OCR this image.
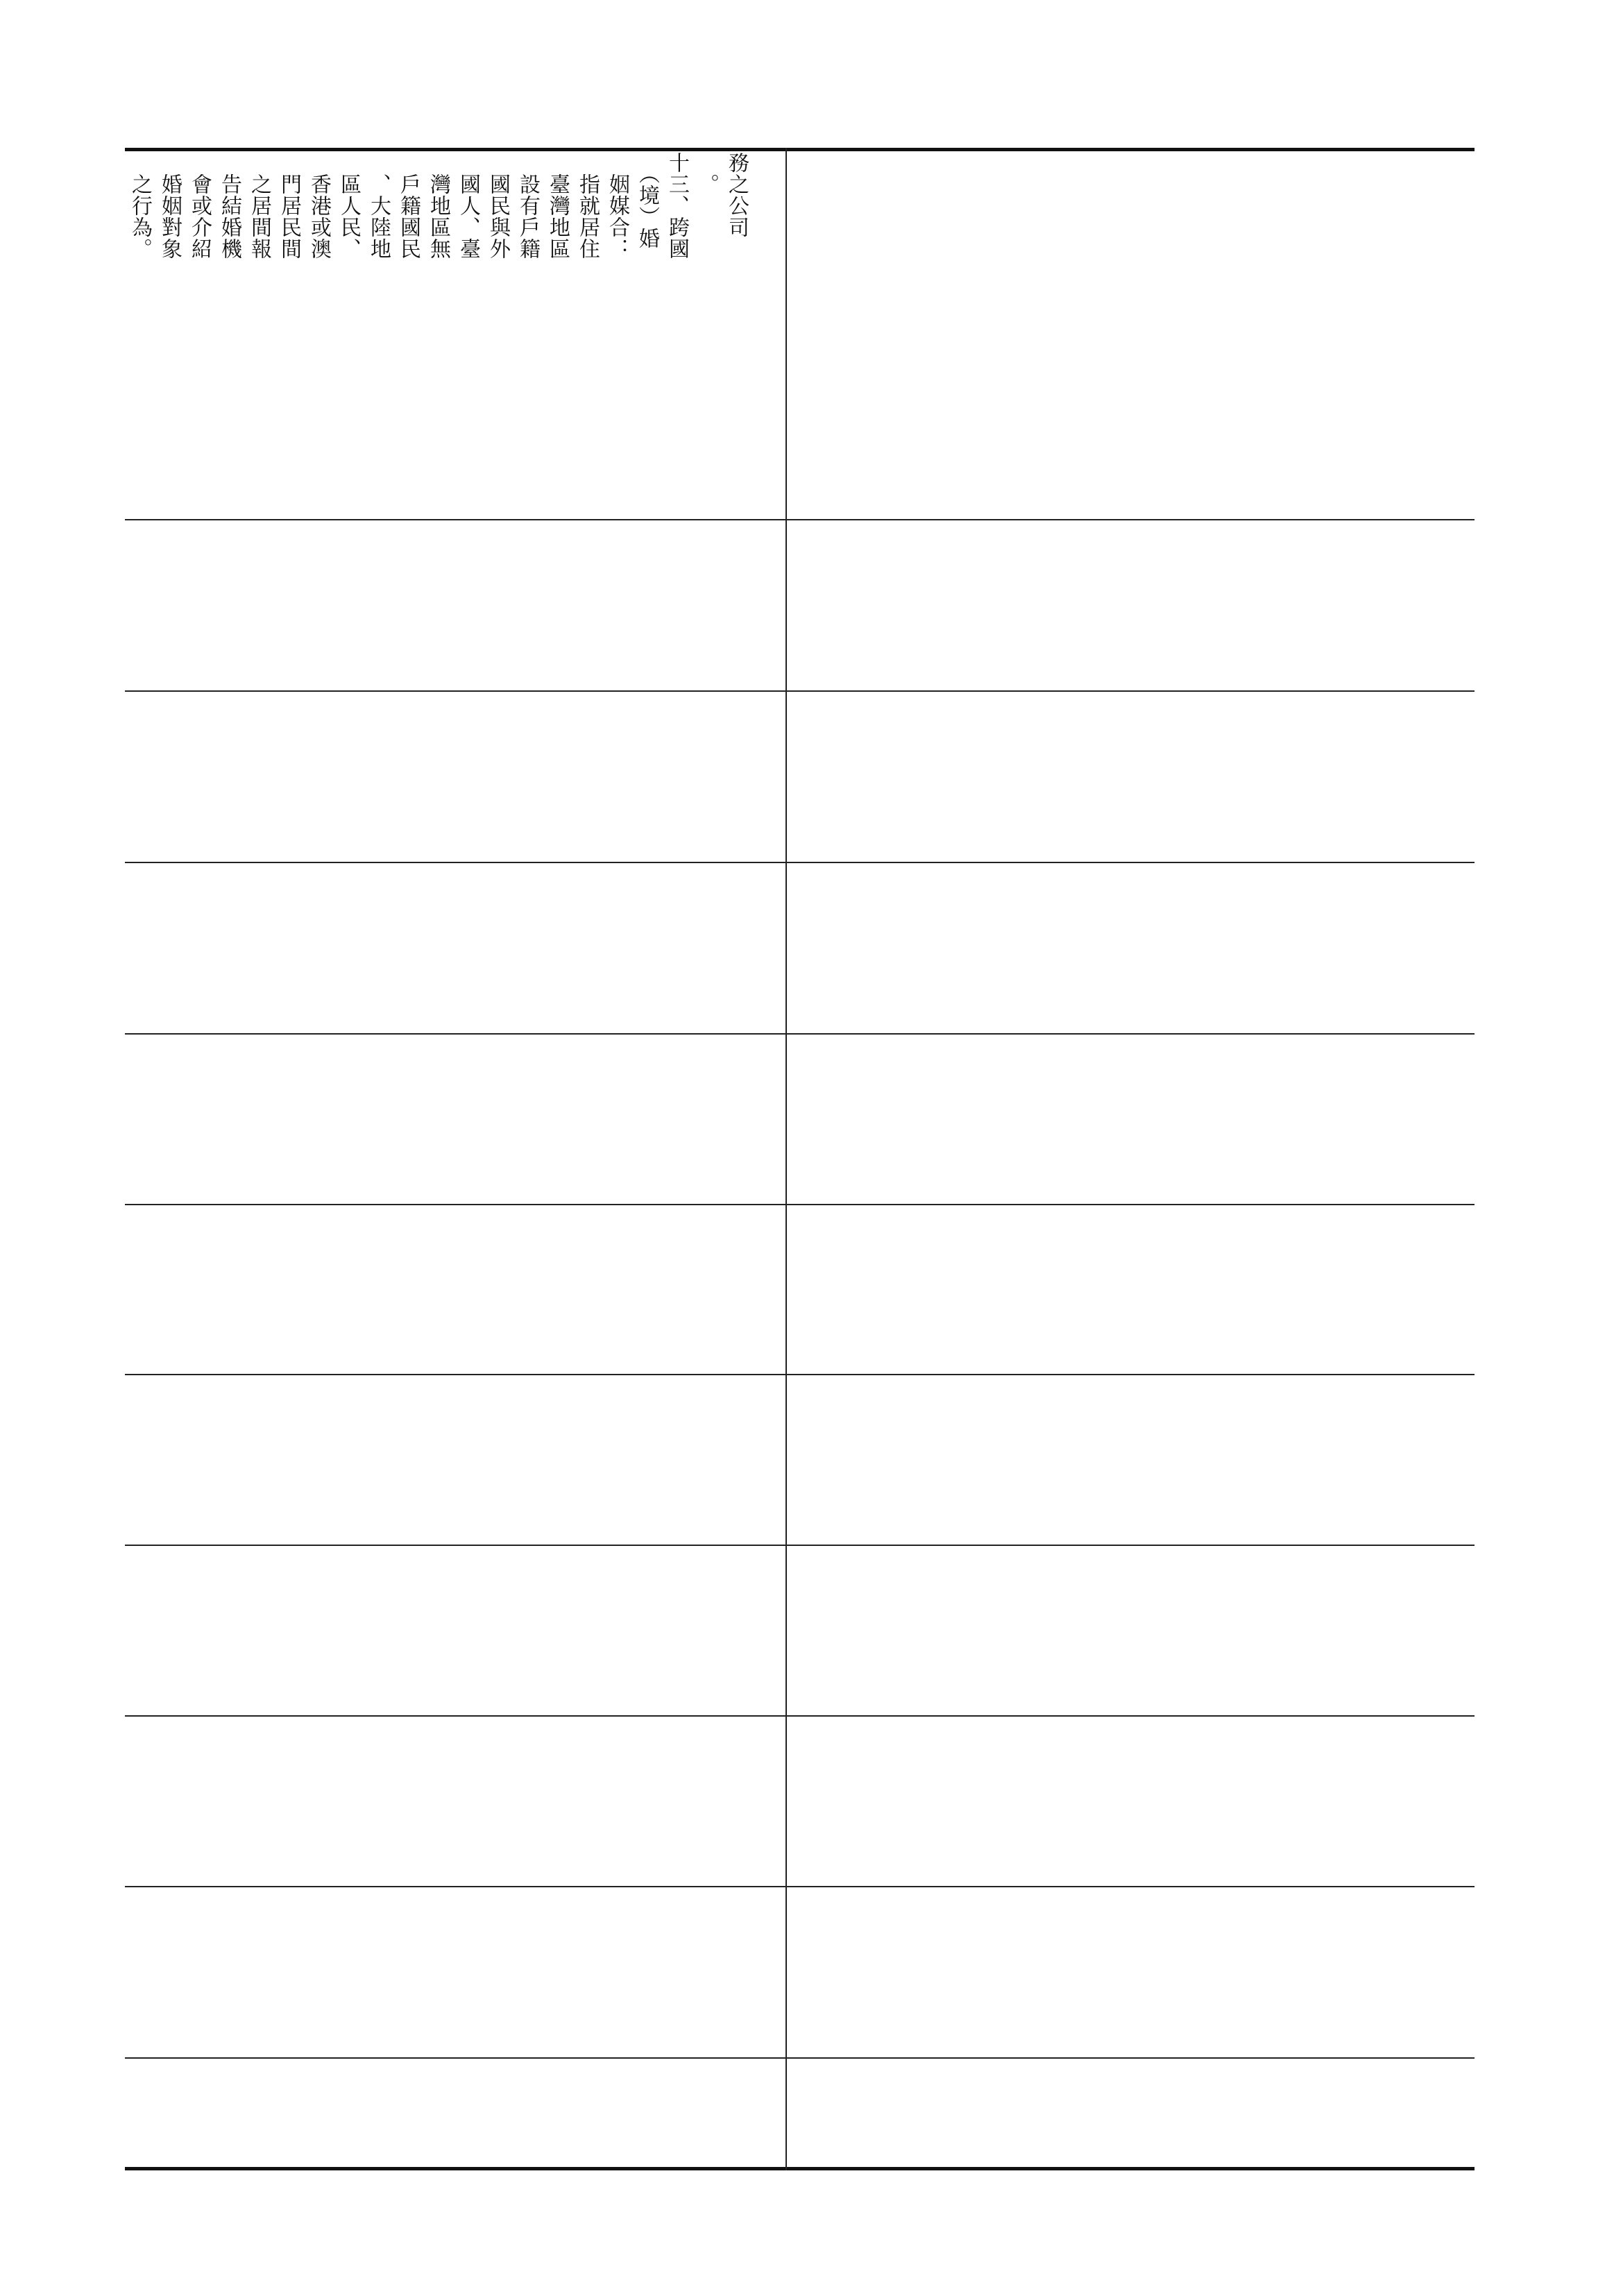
務之公司
　。
十三、跨國
　（境）婚
　姻媒合：
　指就居住
　臺灣地區
　設有戶籍
　國民與外
　國人、臺
　灣地區無
　戶籍國民
　、大陸地
　區人民、
　香港或澳
　門居民間
　之居間報
　告結婚機
　會或介紹
　婚姻對象
　之行為。
